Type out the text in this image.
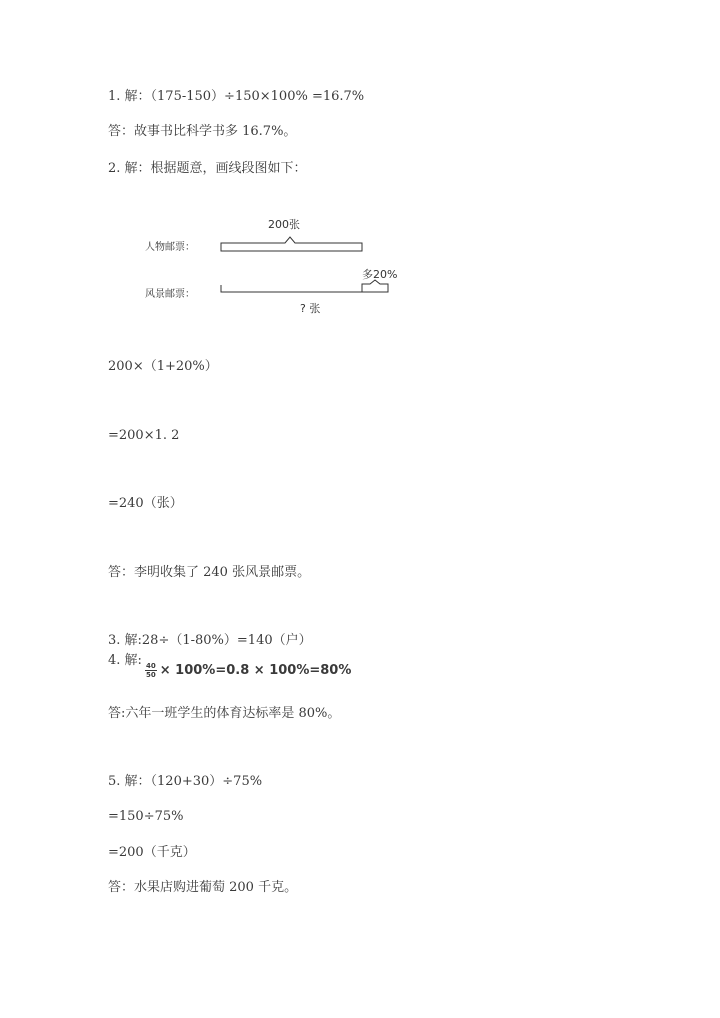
1. 解：（175-150）÷150×100% =16.7%
答：故事书比科学书多 16.7%。
2. 解：根据题意，画线段图如下：
200张
人物邮票：
多20%
风景邮票：
? 张
200×（1+20%）
=200×1. 2
=240（张）
答：李明收集了 240 张风景邮票。
3. 解:28÷（1-80%）=140（户）
4. 解:
$\frac{40}{50} \times 100\%=0.8 \times 100\%=80\%$
答:六年一班学生的体育达标率是 80%。
5. 解：（120+30）÷75%
=150÷75%
=200（千克）
答：水果店购进葡萄 200 千克。
